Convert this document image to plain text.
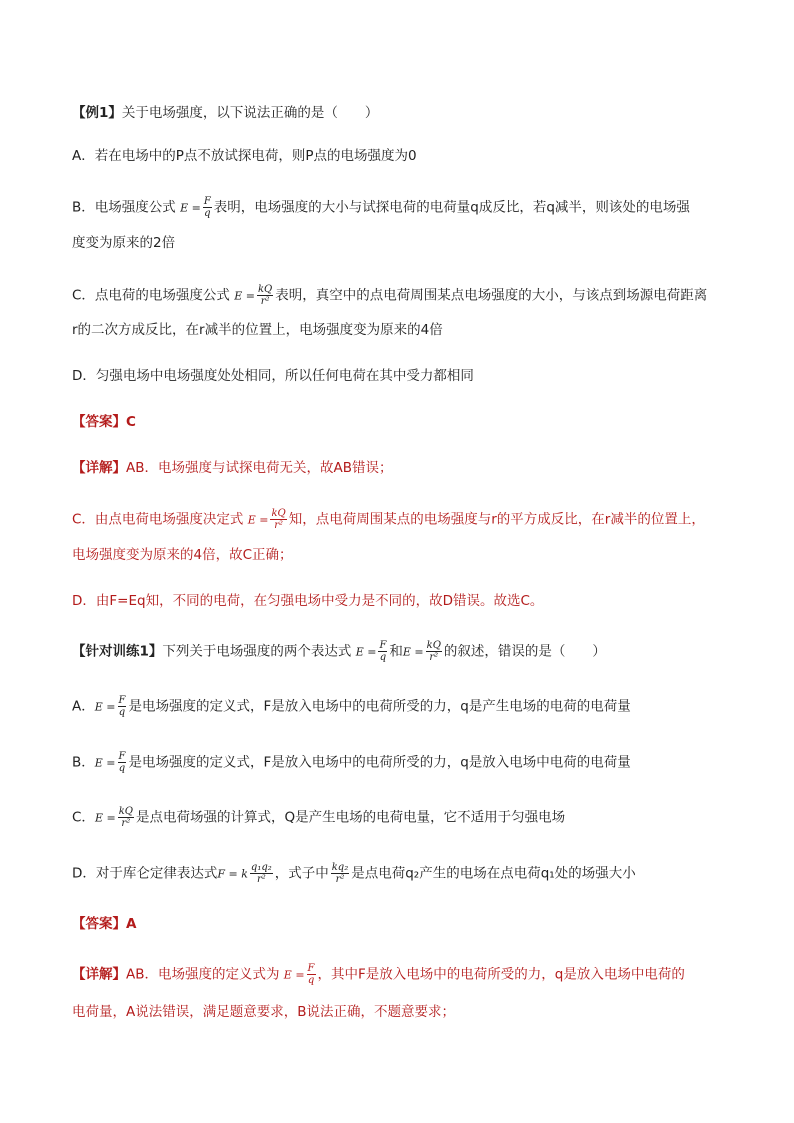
【例1】关于电场强度，以下说法正确的是（　　）
A．若在电场中的P点不放试探电荷，则P点的电场强度为0
B．电场强度公式 $E = \frac{F}{q}$ 表明，电场强度的大小与试探电荷的电荷量q成反比，若q减半，则该处的电场强
度变为原来的2倍
C．点电荷的电场强度公式 $E = \frac{kQ}{\text{r²}}$ 表明，真空中的点电荷周围某点电场强度的大小，与该点到场源电荷距离
r的二次方成反比，在r减半的位置上，电场强度变为原来的4倍
D．匀强电场中电场强度处处相同，所以任何电荷在其中受力都相同
【答案】C
【详解】AB．电场强度与试探电荷无关，故AB错误；
C．由点电荷电场强度决定式 $E = \frac{kQ}{\text{r²}}$ 知，点电荷周围某点的电场强度与r的平方成反比，在r减半的位置上，
电场强度变为原来的4倍，故C正确；
D．由F=Eq知，不同的电荷，在匀强电场中受力是不同的，故D错误。故选C。
【针对训练1】下列关于电场强度的两个表达式 $E = \frac{F}{q}$ 和$E = \frac{kQ}{\text{r²}}$ 的叙述，错误的是（　　）
A．$E = \frac{F}{q}$ 是电场强度的定义式，F是放入电场中的电荷所受的力，q是产生电场的电荷的电荷量
B．$E = \frac{F}{q}$ 是电场强度的定义式，F是放入电场中的电荷所受的力，q是放入电场中电荷的电荷量
C．$E = \frac{kQ}{\text{r²}}$ 是点电荷场强的计算式，Q是产生电场的电荷电量，它不适用于匀强电场
D．对于库仑定律表达式F = k $\frac{\text{q₁q₂}}{\text{r²}}$ ，式子中 $\frac{\text{kq₂}}{\text{r²}}$ 是点电荷q₂产生的电场在点电荷q₁处的场强大小
【答案】A
【详解】AB．电场强度的定义式为 $E = \frac{F}{q}$ ，其中F是放入电场中的电荷所受的力，q是放入电场中电荷的
电荷量，A说法错误，满足题意要求，B说法正确，不题意要求；
